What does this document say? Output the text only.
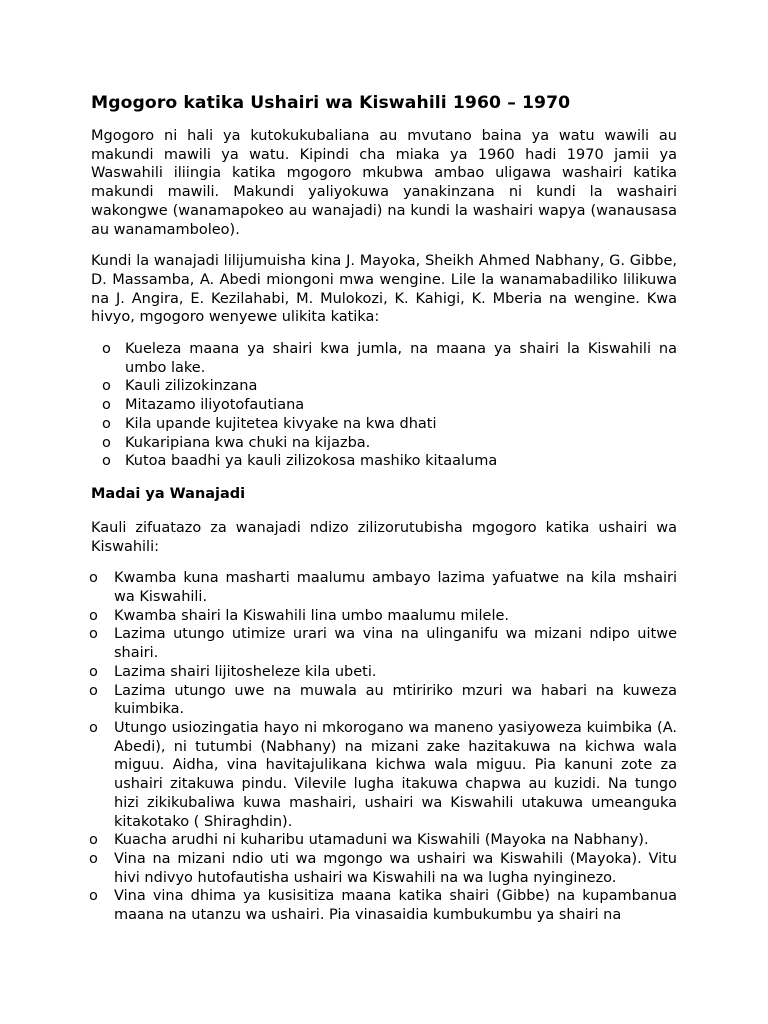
Mgogoro katika Ushairi wa Kiswahili 1960 – 1970

Mgogoro ni hali ya kutokukubaliana au mvutano baina ya watu wawili au makundi mawili ya watu. Kipindi cha miaka ya 1960 hadi 1970 jamii ya Waswahili iliingia katika mgogoro mkubwa ambao uligawa washairi katika makundi mawili. Makundi yaliyokuwa yanakinzana ni kundi la washairi wakongwe (wanamapokeo au wanajadi) na kundi la washairi wapya (wanausasa au wanamamboleo).

Kundi la wanajadi lilijumuisha kina J. Mayoka, Sheikh Ahmed Nabhany, G. Gibbe, D. Massamba, A. Abedi miongoni mwa wengine. Lile la wanamabadiliko lilikuwa na J. Angira, E. Kezilahabi, M. Mulokozi, K. Kahigi, K. Mberia na wengine. Kwa hivyo, mgogoro wenyewe ulikita katika:

o Kueleza maana ya shairi kwa jumla, na maana ya shairi la Kiswahili na umbo lake.
o Kauli zilizokinzana
o Mitazamo iliyotofautiana
o Kila upande kujitetea kivyake na kwa dhati
o Kukaripiana kwa chuki na kijazba.
o Kutoa baadhi ya kauli zilizokosa mashiko kitaaluma
Madai ya Wanajadi

Kauli zifuatazo za wanajadi ndizo zilizorutubisha mgogoro katika ushairi wa Kiswahili:

o Kwamba kuna masharti maalumu ambayo lazima yafuatwe na kila mshairi wa Kiswahili.
o Kwamba shairi la Kiswahili lina umbo maalumu milele.
o Lazima utungo utimize urari wa vina na ulinganifu wa mizani ndipo uitwe shairi.
o Lazima shairi lijitosheleze kila ubeti.
o Lazima utungo uwe na muwala au mtiririko mzuri wa habari na kuweza kuimbika.
o Utungo usiozingatia hayo ni mkorogano wa maneno yasiyoweza kuimbika (A. Abedi), ni tutumbi (Nabhany) na mizani zake hazitakuwa na kichwa wala miguu. Aidha, vina havitajulikana kichwa wala miguu. Pia kanuni zote za ushairi zitakuwa pindu. Vilevile lugha itakuwa chapwa au kuzidi. Na tungo hizi zikikubaliwa kuwa mashairi, ushairi wa Kiswahili utakuwa umeanguka kitakotako ( Shiraghdin).
o Kuacha arudhi ni kuharibu utamaduni wa Kiswahili (Mayoka na Nabhany).
o Vina na mizani ndio uti wa mgongo wa ushairi wa Kiswahili (Mayoka). Vitu hivi ndivyo hutofautisha ushairi wa Kiswahili na wa lugha nyinginezo.
o Vina vina dhima ya kusisitiza maana katika shairi (Gibbe) na kupambanua maana na utanzu wa ushairi. Pia vinasaidia kumbukumbu ya shairi na
